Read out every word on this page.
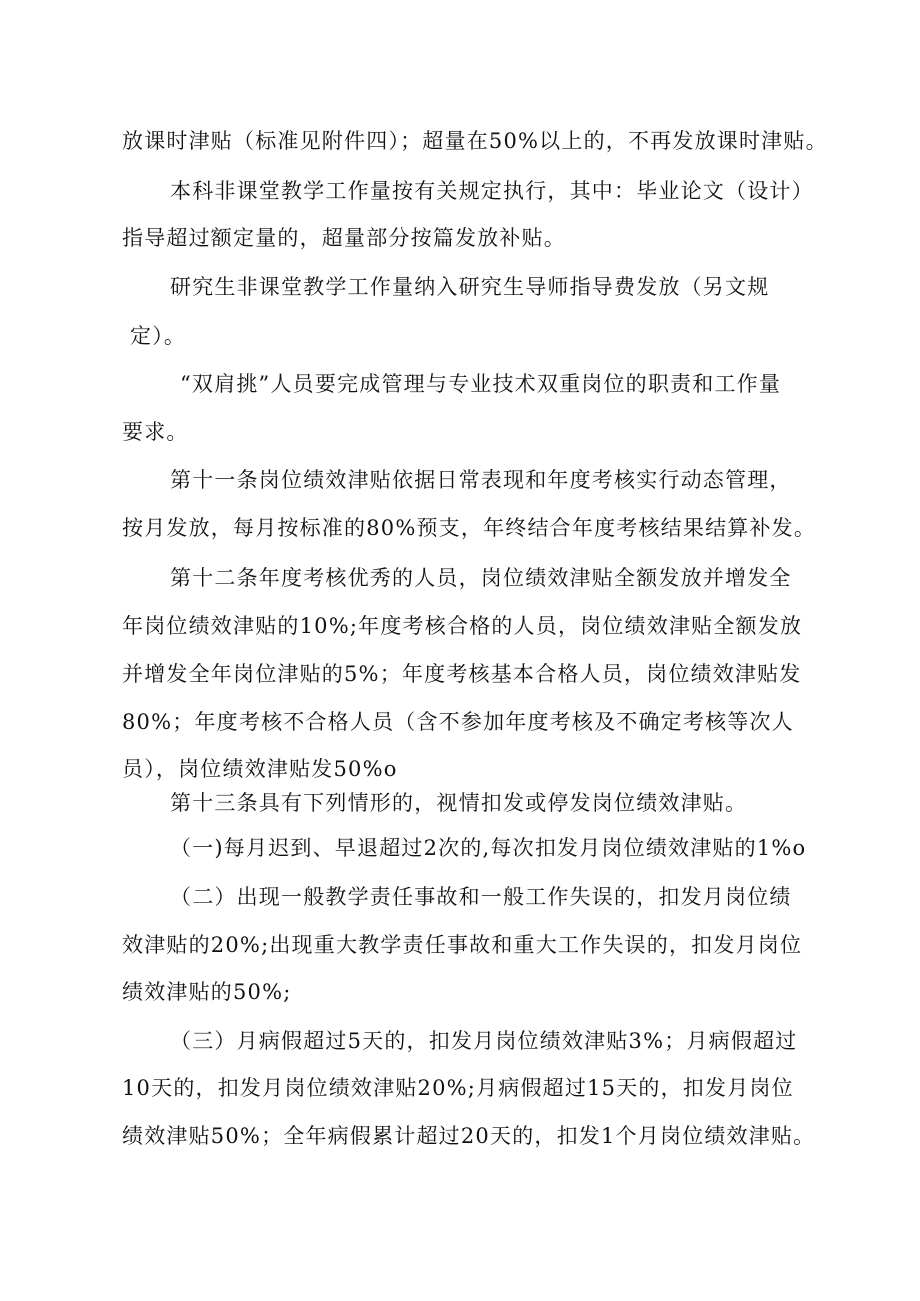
放课时津贴（标准见附件四）；超量在50%以上的，不再发放课时津贴。
本科非课堂教学工作量按有关规定执行，其中：毕业论文（设计）
指导超过额定量的，超量部分按篇发放补贴。
研究生非课堂教学工作量纳入研究生导师指导费发放（另文规
定）。
“双肩挑”人员要完成管理与专业技术双重岗位的职责和工作量
要求。
第十一条岗位绩效津贴依据日常表现和年度考核实行动态管理，
按月发放，每月按标准的80%预支，年终结合年度考核结果结算补发。
第十二条年度考核优秀的人员，岗位绩效津贴全额发放并增发全
年岗位绩效津贴的10%;年度考核合格的人员，岗位绩效津贴全额发放
并增发全年岗位津贴的5%；年度考核基本合格人员，岗位绩效津贴发
80%；年度考核不合格人员（含不参加年度考核及不确定考核等次人
员），岗位绩效津贴发50%o
第十三条具有下列情形的，视情扣发或停发岗位绩效津贴。
（一)每月迟到、早退超过2次的,每次扣发月岗位绩效津贴的1%o
（二）出现一般教学责任事故和一般工作失误的，扣发月岗位绩
效津贴的20%;出现重大教学责任事故和重大工作失误的，扣发月岗位
绩效津贴的50%;
（三）月病假超过5天的，扣发月岗位绩效津贴3%；月病假超过
10天的，扣发月岗位绩效津贴20%;月病假超过15天的，扣发月岗位
绩效津贴50%；全年病假累计超过20天的，扣发1个月岗位绩效津贴。
